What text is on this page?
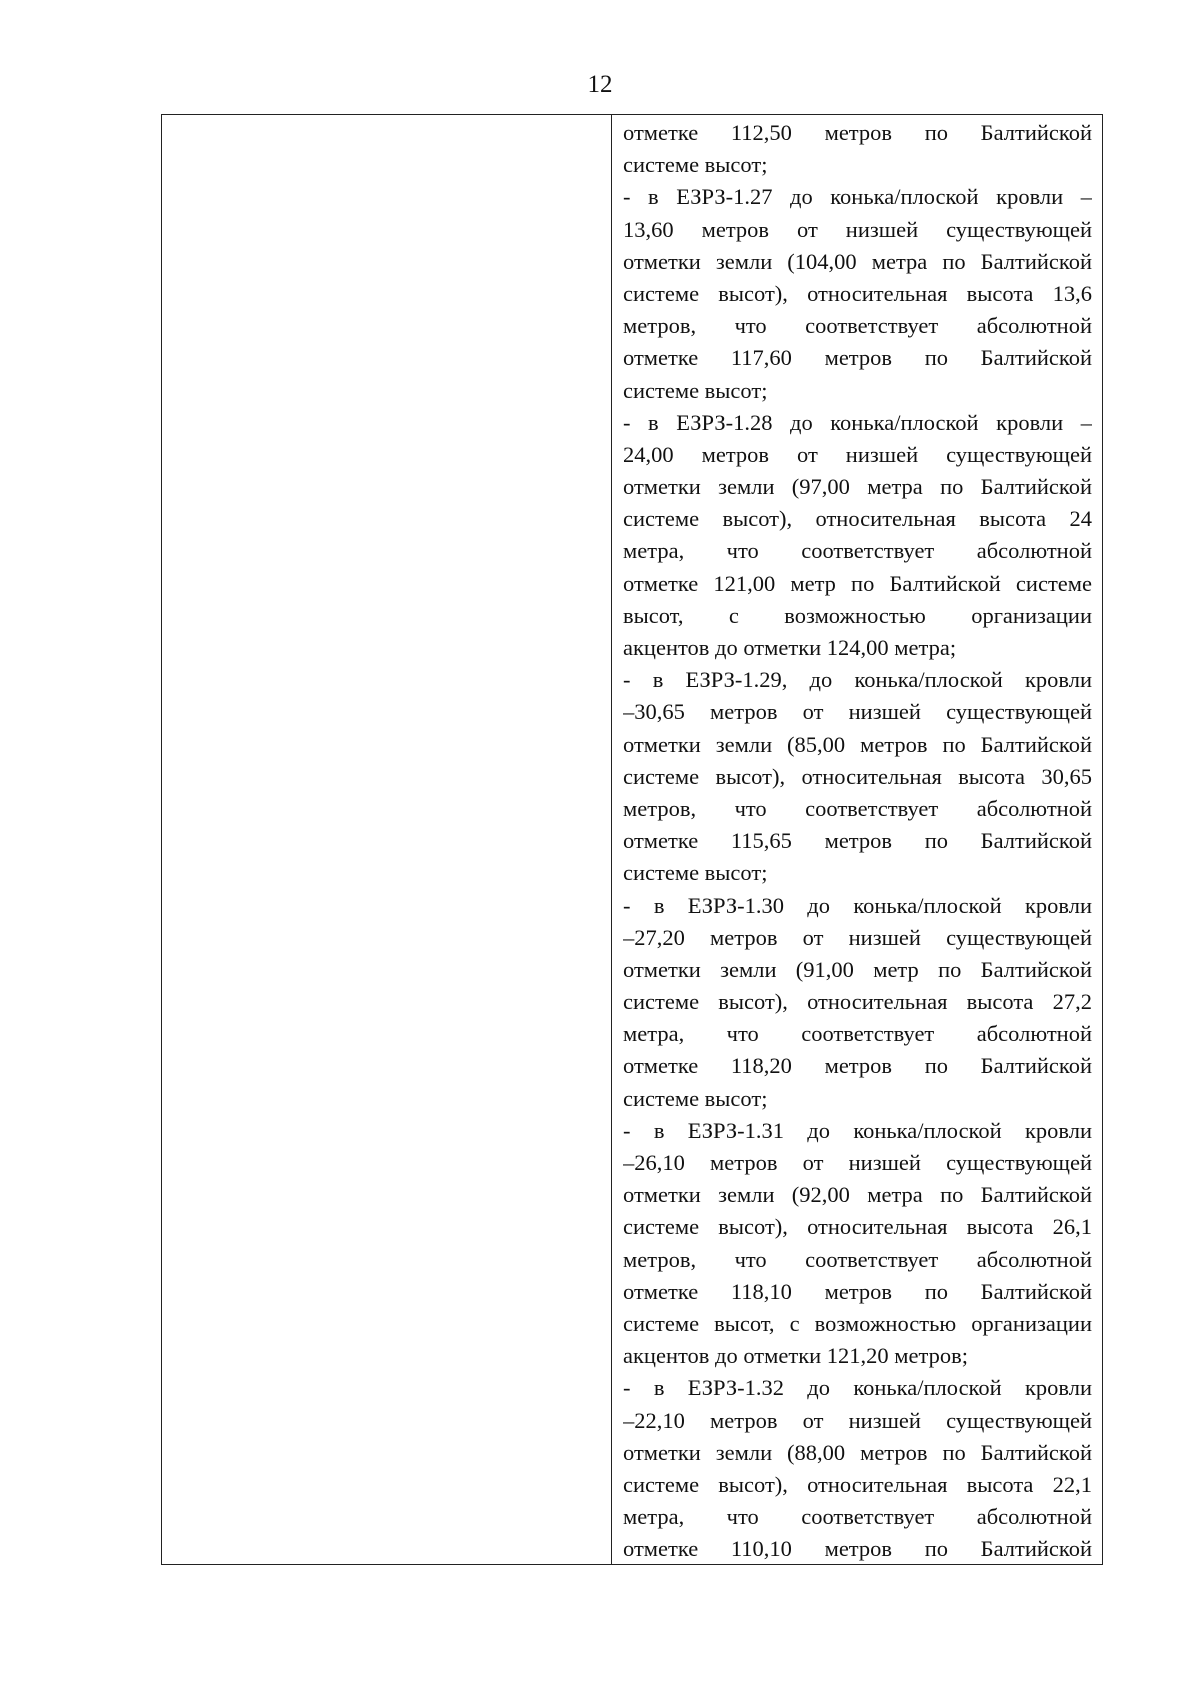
12
отметке 112,50 метров по Балтийской
системе высот;
- в ЕЗРЗ-1.27 до конька/плоской кровли –
13,60 метров от низшей существующей
отметки земли (104,00 метра по Балтийской
системе высот), относительная высота 13,6
метров, что соответствует абсолютной
отметке 117,60 метров по Балтийской
системе высот;
- в ЕЗРЗ-1.28 до конька/плоской кровли –
24,00 метров от низшей существующей
отметки земли (97,00 метра по Балтийской
системе высот), относительная высота 24
метра, что соответствует абсолютной
отметке 121,00 метр по Балтийской системе
высот, с возможностью организации
акцентов до отметки 124,00 метра;
- в ЕЗРЗ-1.29, до конька/плоской кровли
–30,65 метров от низшей существующей
отметки земли (85,00 метров по Балтийской
системе высот), относительная высота 30,65
метров, что соответствует абсолютной
отметке 115,65 метров по Балтийской
системе высот;
- в ЕЗРЗ-1.30 до конька/плоской кровли
–27,20 метров от низшей существующей
отметки земли (91,00 метр по Балтийской
системе высот), относительная высота 27,2
метра, что соответствует абсолютной
отметке 118,20 метров по Балтийской
системе высот;
- в ЕЗРЗ-1.31 до конька/плоской кровли
–26,10 метров от низшей существующей
отметки земли (92,00 метра по Балтийской
системе высот), относительная высота 26,1
метров, что соответствует абсолютной
отметке 118,10 метров по Балтийской
системе высот, с возможностью организации
акцентов до отметки 121,20 метров;
- в ЕЗРЗ-1.32 до конька/плоской кровли
–22,10 метров от низшей существующей
отметки земли (88,00 метров по Балтийской
системе высот), относительная высота 22,1
метра, что соответствует абсолютной
отметке 110,10 метров по Балтийской
